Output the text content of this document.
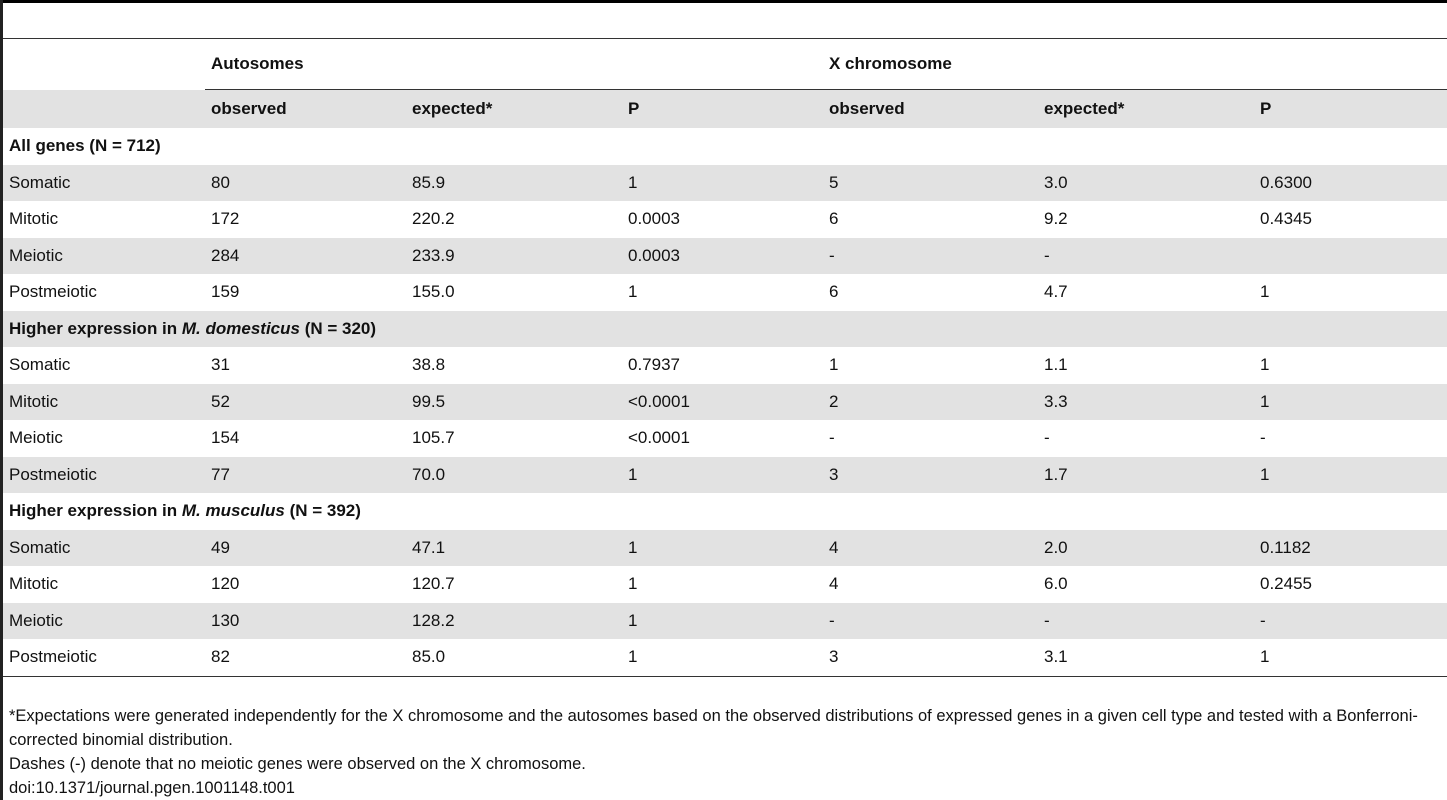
	Autosomes			X chromosome		
	observed	expected*	P	observed	expected*	P
All genes (N = 712)						
Somatic	80	85.9	1	5	3.0	0.6300
Mitotic	172	220.2	0.0003	6	9.2	0.4345
Meiotic	284	233.9	0.0003	-	-	
Postmeiotic	159	155.0	1	6	4.7	1
Higher expression in M. domesticus (N = 320)						
Somatic	31	38.8	0.7937	1	1.1	1
Mitotic	52	99.5	<0.0001	2	3.3	1
Meiotic	154	105.7	<0.0001	-	-	-
Postmeiotic	77	70.0	1	3	1.7	1
Higher expression in M. musculus (N = 392)						
Somatic	49	47.1	1	4	2.0	0.1182
Mitotic	120	120.7	1	4	6.0	0.2455
Meiotic	130	128.2	1	-	-	-
Postmeiotic	82	85.0	1	3	3.1	1

*Expectations were generated independently for the X chromosome and the autosomes based on the observed distributions of expressed genes in a given cell type and tested with a Bonferroni-corrected binomial distribution.

Dashes (-) denote that no meiotic genes were observed on the X chromosome.

doi:10.1371/journal.pgen.1001148.t001
